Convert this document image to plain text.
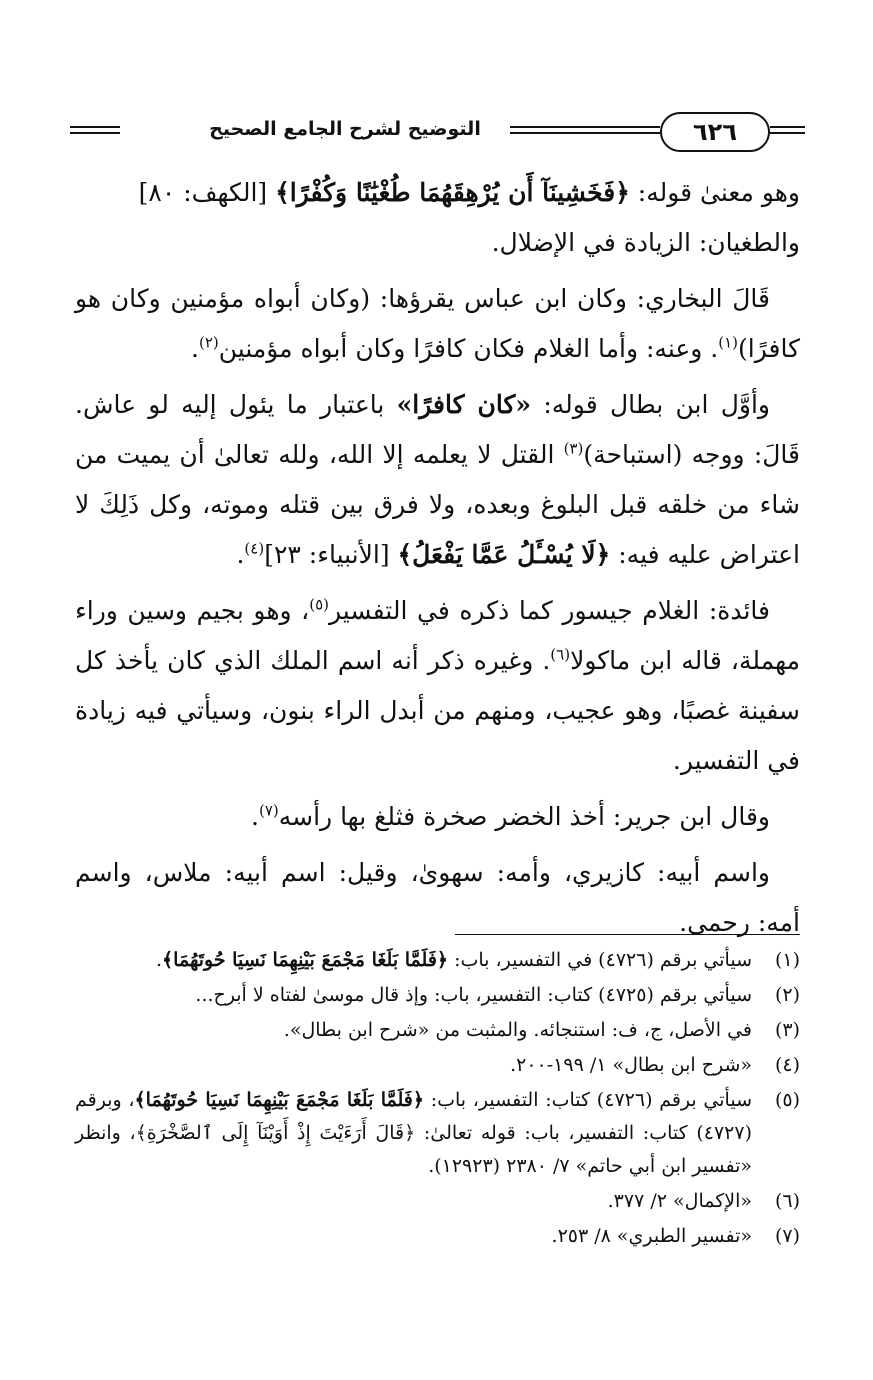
التوضيح لشرح الجامع الصحيح	٦٢٦

وهو معنىٰ قوله: ﴿فَخَشِينَآ أَن يُرْهِقَهُمَا طُغْيَٰنًا وَكُفْرًا﴾ [الكهف: ٨٠]
والطغيان: الزيادة في الإضلال.

قَالَ البخاري: وكان ابن عباس يقرؤها: (وكان أبواه مؤمنين وكان هو كافرًا)$^{(١)}$. وعنه: وأما الغلام فكان كافرًا وكان أبواه مؤمنين$^{(٢)}$.

وأوَّل ابن بطال قوله: «كان كافرًا» باعتبار ما يئول إليه لو عاش. قَالَ: ووجه (استباحة)$^{(٣)}$ القتل لا يعلمه إلا الله، ولله تعالىٰ أن يميت من شاء من خلقه قبل البلوغ وبعده، ولا فرق بين قتله وموته، وكل ذَلِكَ لا اعتراض عليه فيه: ﴿لَا يُسْـَٔلُ عَمَّا يَفْعَلُ﴾ [الأنبياء: ٢٣]$^{(٤)}$.

فائدة: الغلام جيسور كما ذكره في التفسير$^{(٥)}$، وهو بجيم وسين وراء مهملة، قاله ابن ماكولا$^{(٦)}$. وغيره ذكر أنه اسم الملك الذي كان يأخذ كل سفينة غصبًا، وهو عجيب، ومنهم من أبدل الراء بنون، وسيأتي فيه زيادة في التفسير.

وقال ابن جرير: أخذ الخضر صخرة فثلغ بها رأسه$^{(٧)}$.

واسم أبيه: كازيري، وأمه: سهوىٰ، وقيل: اسم أبيه: ملاس، واسم أمه: رحمى.

(١)
سيأتي برقم (٤٧٢٦) في التفسير، باب: ﴿فَلَمَّا بَلَغَا مَجْمَعَ بَيْنِهِمَا نَسِيَا حُوتَهُمَا﴾.
(٢)
سيأتي برقم (٤٧٢٥) كتاب: التفسير، باب: وإذ قال موسىٰ لفتاه لا أبرح...
(٣)
في الأصل، ج، ف: استنجائه. والمثبت من «شرح ابن بطال».
(٤)
«شرح ابن بطال» ١/ ١٩٩-٢٠٠.
(٥)
سيأتي برقم (٤٧٢٦) كتاب: التفسير، باب: ﴿فَلَمَّا بَلَغَا مَجْمَعَ بَيْنِهِمَا نَسِيَا حُوتَهُمَا﴾، وبرقم (٤٧٢٧) كتاب: التفسير، باب: قوله تعالىٰ: ﴿قَالَ أَرَءَيْتَ إِذْ أَوَيْنَآ إِلَى ٱلصَّخْرَةِ﴾، وانظر «تفسير ابن أبي حاتم» ٧/ ٢٣٨٠ (١٢٩٢٣).
(٦)
«الإكمال» ٢/ ٣٧٧.
(٧)
«تفسير الطبري» ٨/ ٢٥٣.
